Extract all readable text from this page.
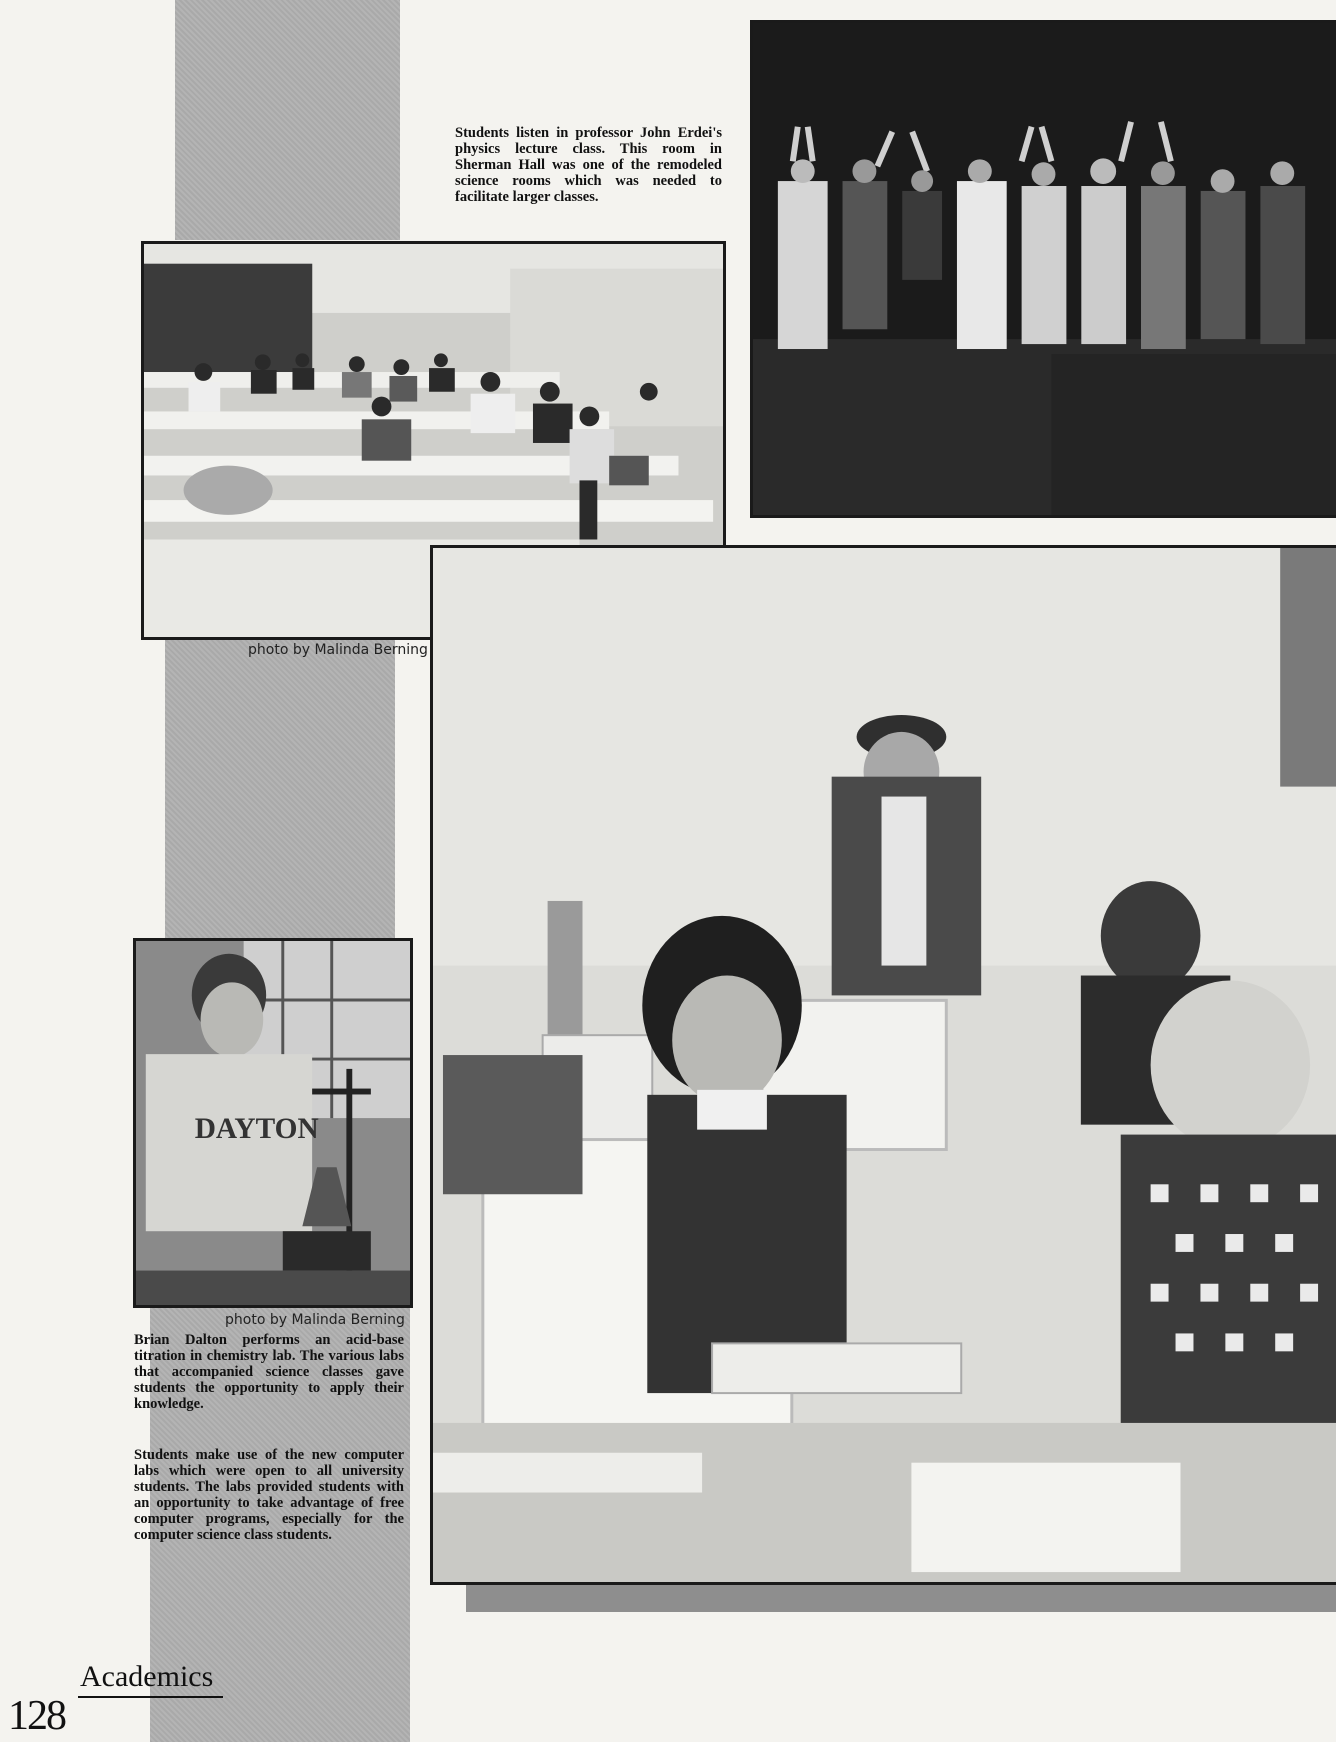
DAYTON
Students listen in professor John Erdei's physics lecture class. This room in Sherman Hall was one of the remodeled science rooms which was needed to facilitate larger classes.
photo by Malinda Berning
photo by Malinda Berning
Brian Dalton performs an acid-base titration in chemistry lab. The various labs that accompanied science classes gave students the opportunity to apply their knowledge.
Students make use of the new computer labs which were open to all university students. The labs provided students with an opportunity to take advantage of free computer programs, especially for the computer science class students.
128
Academics
